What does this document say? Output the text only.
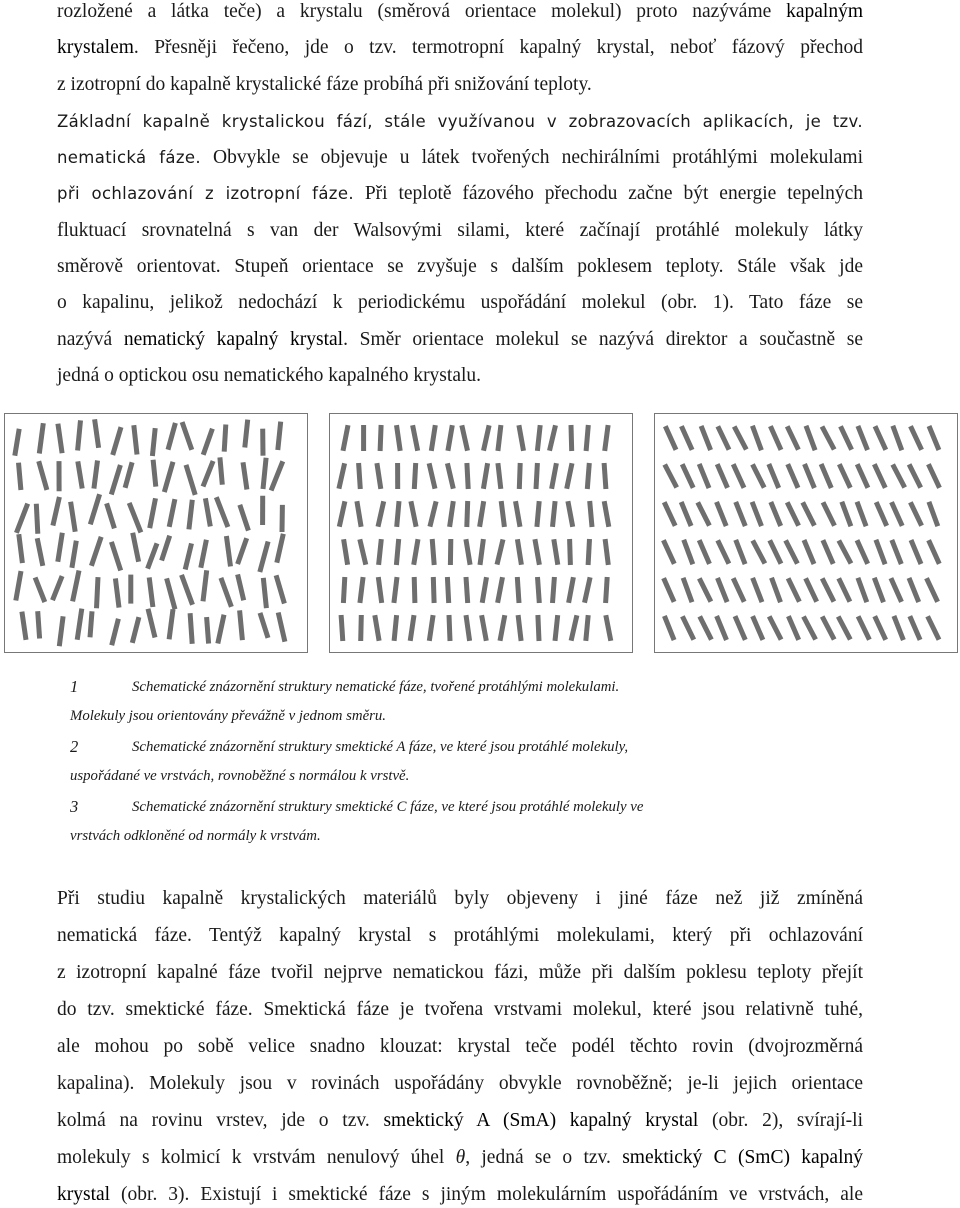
rozložené a látka teče) a krystalu (směrová orientace molekul) proto nazýváme kapalným
krystalem. Přesněji řečeno, jde o tzv. termotropní kapalný krystal, neboť fázový přechod
z izotropní do kapalně krystalické fáze probíhá při snižování teploty.
Základní kapalně krystalickou fází, stále využívanou v zobrazovacích aplikacích, je tzv.
nematická fáze. Obvykle se objevuje u látek tvořených nechirálními protáhlými molekulami
při ochlazování z izotropní fáze. Při teplotě fázového přechodu začne být energie tepelných
fluktuací srovnatelná s van der Walsovými silami, které začínají protáhlé molekuly látky
směrově orientovat. Stupeň orientace se zvyšuje s dalším poklesem teploty. Stále však jde
o kapalinu, jelikož nedochází k periodickému uspořádání molekul (obr. 1). Tato fáze se
nazývá nematický kapalný krystal. Směr orientace molekul se nazývá direktor a součastně se
jedná o optickou osu nematického kapalného krystalu.
1	Schematické znázornění struktury nematické fáze, tvořené protáhlými molekulami.
Molekuly jsou orientovány převážně v jednom směru.
2	Schematické znázornění struktury smektické A fáze, ve které jsou protáhlé molekuly,
uspořádané ve vrstvách, rovnoběžné s normálou k vrstvě.
3	Schematické znázornění struktury smektické C fáze, ve které jsou protáhlé molekuly ve
vrstvách odkloněné od normály k vrstvám.
Při studiu kapalně krystalických materiálů byly objeveny i jiné fáze než již zmíněná
nematická fáze. Tentýž kapalný krystal s protáhlými molekulami, který při ochlazování
z izotropní kapalné fáze tvořil nejprve nematickou fázi, může při dalším poklesu teploty přejít
do tzv. smektické fáze. Smektická fáze je tvořena vrstvami molekul, které jsou relativně tuhé,
ale mohou po sobě velice snadno klouzat: krystal teče podél těchto rovin (dvojrozměrná
kapalina). Molekuly jsou v rovinách uspořádány obvykle rovnoběžně; je-li jejich orientace
kolmá na rovinu vrstev, jde o tzv. smektický A (SmA) kapalný krystal (obr. 2), svírají-li
molekuly s kolmicí k vrstvám nenulový úhel θ, jedná se o tzv. smektický C (SmC) kapalný
krystal (obr. 3). Existují i smektické fáze s jiným molekulárním uspořádáním ve vrstvách, ale
